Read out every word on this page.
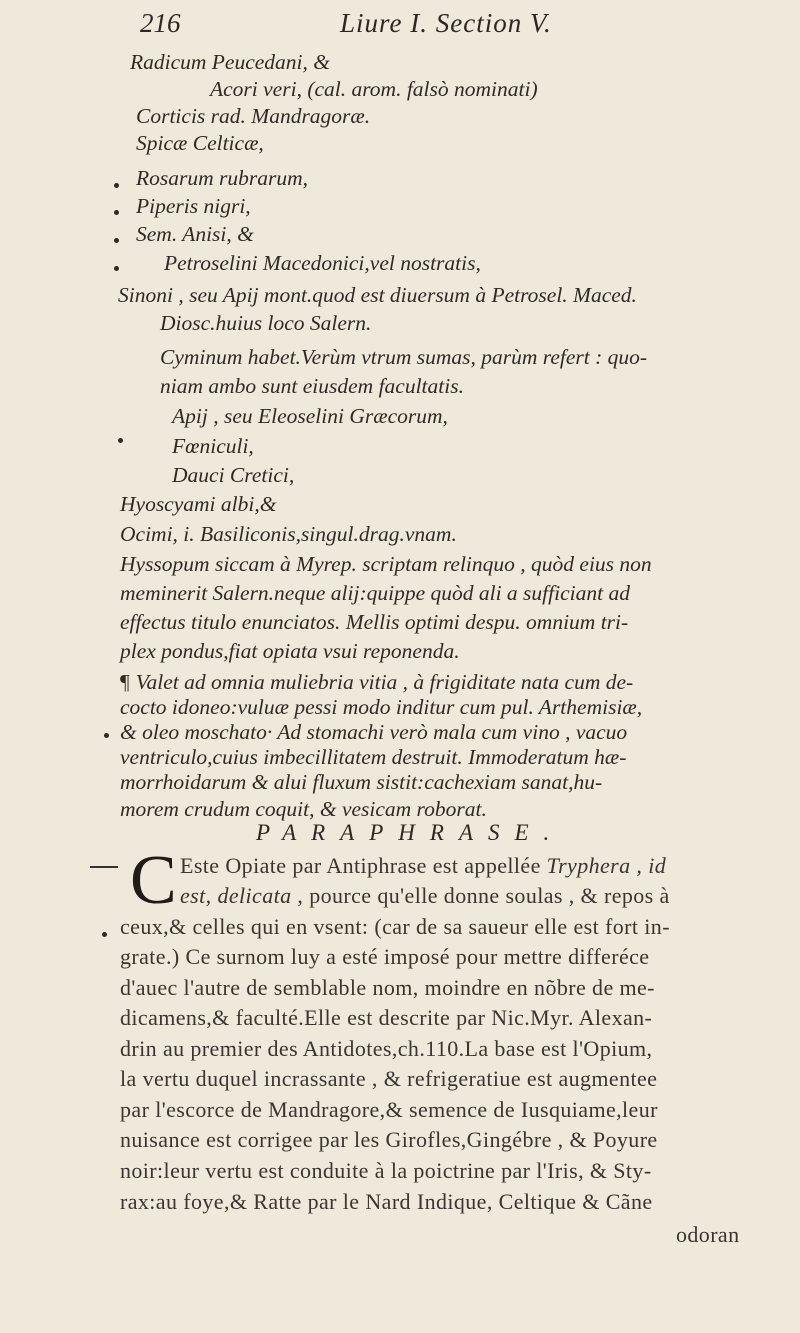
216	Liure I. Section V.
Radicum Peucedani, &
Acori veri, (cal. arom. falsò nominati)
Corticis rad. Mandragoræ.
Spicæ Celticæ,
Rosarum rubrarum,
Piperis nigri,
Sem. Anisi, &
Petroselini Macedonici,vel nostratis,
Sinoni , seu Apij mont.quod est diuersum à Petrosel. Maced.
Diosc.huius loco Salern.
Cyminum habet.Verùm vtrum sumas, parùm refert : quo-
niam ambo sunt eiusdem facultatis.
Apij , seu Eleoselini Græcorum,
Fœniculi,
Dauci Cretici,
Hyoscyami albi,&
Ocimi, i. Basiliconis,singul.drag.vnam.
Hyssopum siccam à Myrep. scriptam relinquo , quòd eius non
meminerit Salern.neque alij:quippe quòd ali a sufficiant ad
effectus titulo enunciatos. Mellis optimi despu. omnium tri-
plex pondus,fiat opiata vsui reponenda.
¶ Valet ad omnia muliebria vitia , à frigiditate nata cum de-
cocto idoneo:vuluæ pessi modo inditur cum pul. Arthemisiæ,
& oleo moschato· Ad stomachi verò mala cum vino , vacuo
ventriculo,cuius imbecillitatem destruit. Immoderatum hæ-
morrhoidarum & alui fluxum sistit:cachexiam sanat,hu-
morem crudum coquit, & vesicam roborat.
PARAPHRASE.
C Este Opiate par Antiphrase est appellée Tryphera , id
est, delicata , pource qu'elle donne soulas , & repos à
ceux,& celles qui en vsent: (car de sa saueur elle est fort in-
grate.) Ce surnom luy a esté imposé pour mettre differéce
d'auec l'autre de semblable nom, moindre en nõbre de me-
dicamens,& faculté.Elle est descrite par Nic.Myr. Alexan-
drin au premier des Antidotes,ch.110.La base est l'Opium,
la vertu duquel incrassante , & refrigeratiue est augmentee
par l'escorce de Mandragore,& semence de Iusquiame,leur
nuisance est corrigee par les Girofles,Gingébre , & Poyure
noir:leur vertu est conduite à la poictrine par l'Iris, & Sty-
rax:au foye,& Ratte par le Nard Indique, Celtique & Cãne
odoran
